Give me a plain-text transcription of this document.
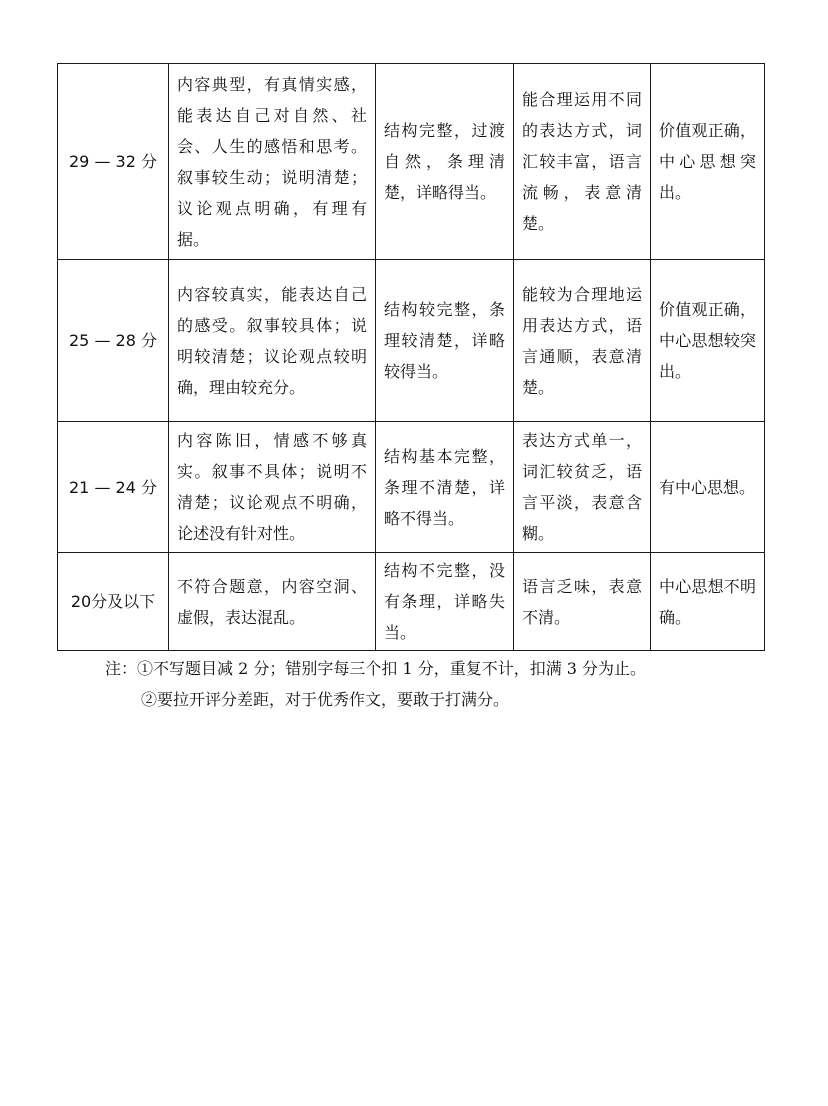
29 — 32 分	内容典型，有真情实感，能表达自己对自然、社会、人生的感悟和思考。叙事较生动；说明清楚；议论观点明确，有理有据。	结构完整，过渡自然，条理清楚，详略得当。	能合理运用不同的表达方式，词汇较丰富，语言流畅，表意清楚。	价值观正确，中心思想突出。
25 — 28 分	内容较真实，能表达自己的感受。叙事较具体；说明较清楚；议论观点较明确，理由较充分。	结构较完整，条理较清楚，详略较得当。	能较为合理地运用表达方式，语言通顺，表意清楚。	价值观正确，中心思想较突出。
21 — 24 分	内容陈旧，情感不够真实。叙事不具体；说明不清楚；议论观点不明确，论述没有针对性。	结构基本完整，条理不清楚，详略不得当。	表达方式单一，词汇较贫乏，语言平淡，表意含糊。	有中心思想。
20分及以下	不符合题意，内容空洞、虚假，表达混乱。	结构不完整，没有条理，详略失当。	语言乏味，表意不清。	中心思想不明确。
注：①不写题目减 2 分；错别字每三个扣 1 分，重复不计，扣满 3 分为止。
②要拉开评分差距，对于优秀作文，要敢于打满分。
